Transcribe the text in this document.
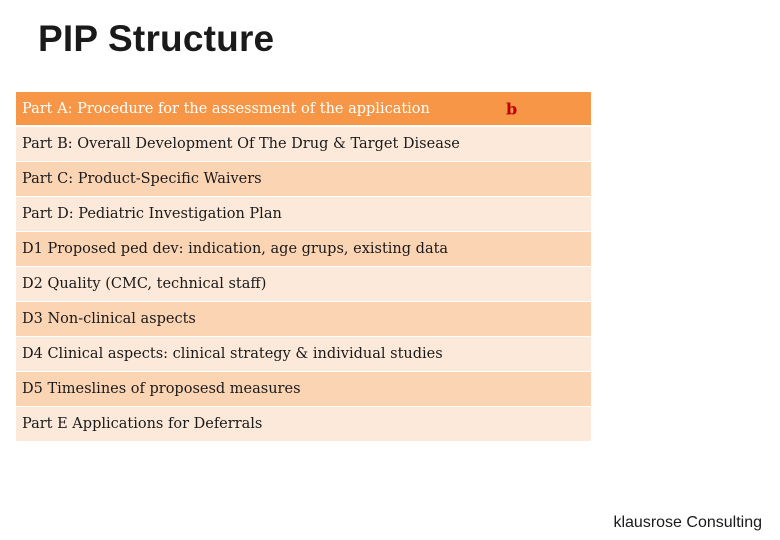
PIP Structure
Part A: Procedure for the assessment of the application	b
Part B: Overall Development Of The Drug & Target Disease
Part C: Product-Specific Waivers
Part D: Pediatric Investigation Plan
D1 Proposed ped dev: indication, age grups, existing data
D2 Quality (CMC, technical staff)
D3 Non-clinical aspects
D4 Clinical aspects: clinical strategy & individual studies
D5 Timeslines of proposesd measures
Part E Applications for Deferrals
klausrose Consulting
